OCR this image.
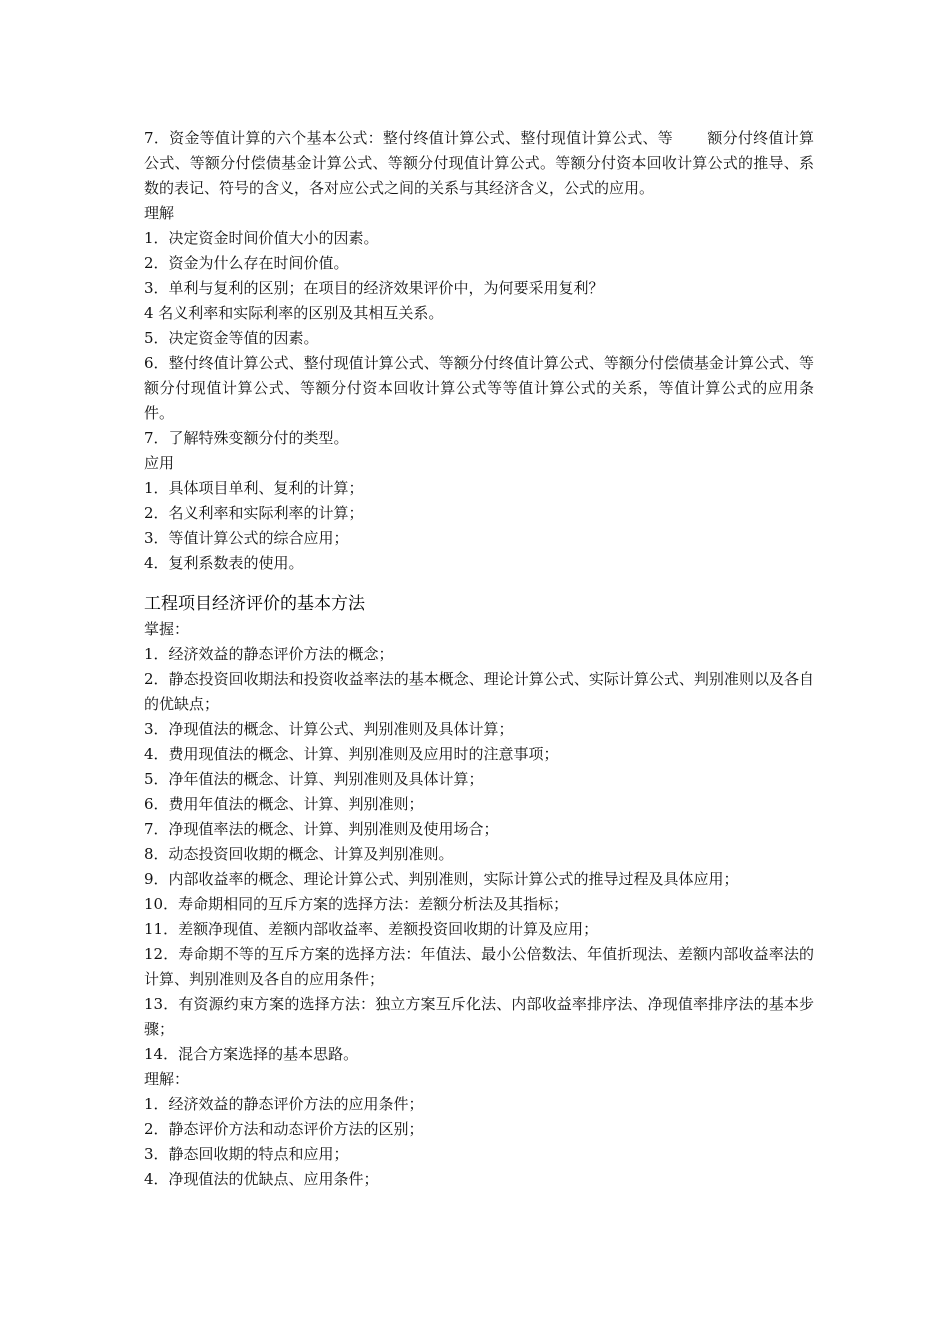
7．资金等值计算的六个基本公式：整付终值计算公式、整付现值计算公式、等 额分付终值计算公式、等额分付偿债基金计算公式、等额分付现值计算公式。等额分付资本回收计算公式的推导、系数的表记、符号的含义，各对应公式之间的关系与其经济含义，公式的应用。

理解

1．决定资金时间价值大小的因素。

2．资金为什么存在时间价值。

3．单利与复利的区别；在项目的经济效果评价中，为何要采用复利？

4 名义利率和实际利率的区别及其相互关系。

5．决定资金等值的因素。

6．整付终值计算公式、整付现值计算公式、等额分付终值计算公式、等额分付偿债基金计算公式、等额分付现值计算公式、等额分付资本回收计算公式等等值计算公式的关系，等值计算公式的应用条件。

7．了解特殊变额分付的类型。

应用

1．具体项目单利、复利的计算；

2．名义利率和实际利率的计算；

3．等值计算公式的综合应用；

4．复利系数表的使用。

工程项目经济评价的基本方法

掌握：

1．经济效益的静态评价方法的概念；

2．静态投资回收期法和投资收益率法的基本概念、理论计算公式、实际计算公式、判别准则以及各自的优缺点；

3．净现值法的概念、计算公式、判别准则及具体计算；

4．费用现值法的概念、计算、判别准则及应用时的注意事项；

5．净年值法的概念、计算、判别准则及具体计算；

6．费用年值法的概念、计算、判别准则；

7．净现值率法的概念、计算、判别准则及使用场合；

8．动态投资回收期的概念、计算及判别准则。

9．内部收益率的概念、理论计算公式、判别准则，实际计算公式的推导过程及具体应用；

10．寿命期相同的互斥方案的选择方法：差额分析法及其指标；

11．差额净现值、差额内部收益率、差额投资回收期的计算及应用；

12．寿命期不等的互斥方案的选择方法：年值法、最小公倍数法、年值折现法、差额内部收益率法的计算、判别准则及各自的应用条件；

13．有资源约束方案的选择方法：独立方案互斥化法、内部收益率排序法、净现值率排序法的基本步骤；

14．混合方案选择的基本思路。

理解：

1．经济效益的静态评价方法的应用条件；

2．静态评价方法和动态评价方法的区别；

3．静态回收期的特点和应用；

4．净现值法的优缺点、应用条件；
